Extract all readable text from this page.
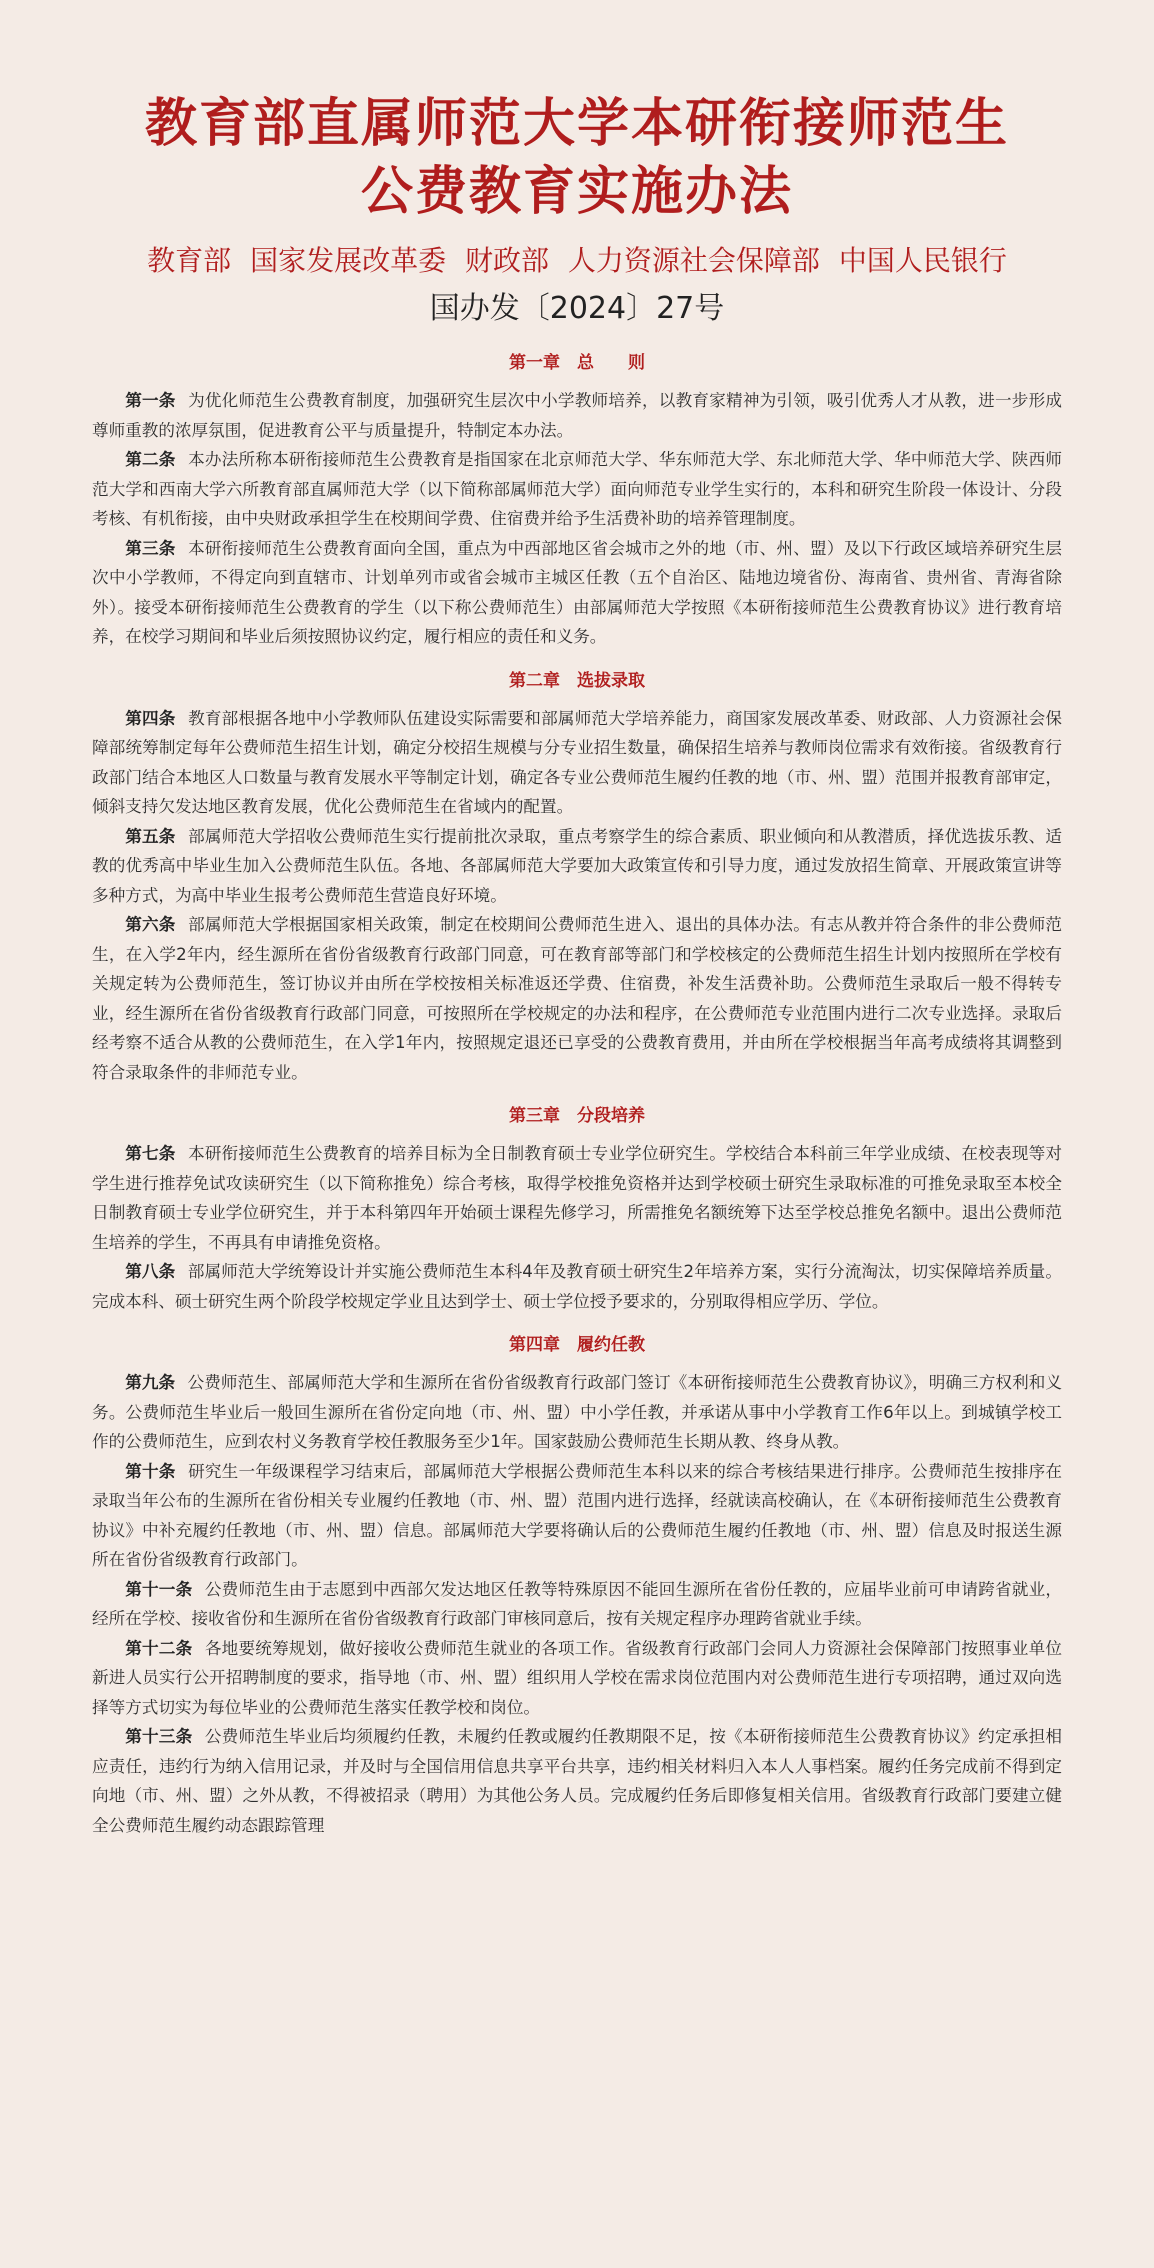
教育部直属师范大学本研衔接师范生
公费教育实施办法
教育部 国家发展改革委 财政部 人力资源社会保障部 中国人民银行
国办发〔2024〕27号
第一章　总　　则

第一条 为优化师范生公费教育制度，加强研究生层次中小学教师培养，以教育家精神为引领，吸引优秀人才从教，进一步形成尊师重教的浓厚氛围，促进教育公平与质量提升，特制定本办法。

第二条 本办法所称本研衔接师范生公费教育是指国家在北京师范大学、华东师范大学、东北师范大学、华中师范大学、陕西师范大学和西南大学六所教育部直属师范大学（以下简称部属师范大学）面向师范专业学生实行的，本科和研究生阶段一体设计、分段考核、有机衔接，由中央财政承担学生在校期间学费、住宿费并给予生活费补助的培养管理制度。

第三条 本研衔接师范生公费教育面向全国，重点为中西部地区省会城市之外的地（市、州、盟）及以下行政区域培养研究生层次中小学教师，不得定向到直辖市、计划单列市或省会城市主城区任教（五个自治区、陆地边境省份、海南省、贵州省、青海省除外）。接受本研衔接师范生公费教育的学生（以下称公费师范生）由部属师范大学按照《本研衔接师范生公费教育协议》进行教育培养，在校学习期间和毕业后须按照协议约定，履行相应的责任和义务。

第二章　选拔录取

第四条 教育部根据各地中小学教师队伍建设实际需要和部属师范大学培养能力，商国家发展改革委、财政部、人力资源社会保障部统筹制定每年公费师范生招生计划，确定分校招生规模与分专业招生数量，确保招生培养与教师岗位需求有效衔接。省级教育行政部门结合本地区人口数量与教育发展水平等制定计划，确定各专业公费师范生履约任教的地（市、州、盟）范围并报教育部审定，倾斜支持欠发达地区教育发展，优化公费师范生在省域内的配置。

第五条 部属师范大学招收公费师范生实行提前批次录取，重点考察学生的综合素质、职业倾向和从教潜质，择优选拔乐教、适教的优秀高中毕业生加入公费师范生队伍。各地、各部属师范大学要加大政策宣传和引导力度，通过发放招生简章、开展政策宣讲等多种方式，为高中毕业生报考公费师范生营造良好环境。

第六条 部属师范大学根据国家相关政策，制定在校期间公费师范生进入、退出的具体办法。有志从教并符合条件的非公费师范生，在入学2年内，经生源所在省份省级教育行政部门同意，可在教育部等部门和学校核定的公费师范生招生计划内按照所在学校有关规定转为公费师范生，签订协议并由所在学校按相关标准返还学费、住宿费，补发生活费补助。公费师范生录取后一般不得转专业，经生源所在省份省级教育行政部门同意，可按照所在学校规定的办法和程序，在公费师范专业范围内进行二次专业选择。录取后经考察不适合从教的公费师范生，在入学1年内，按照规定退还已享受的公费教育费用，并由所在学校根据当年高考成绩将其调整到符合录取条件的非师范专业。

第三章　分段培养

第七条 本研衔接师范生公费教育的培养目标为全日制教育硕士专业学位研究生。学校结合本科前三年学业成绩、在校表现等对学生进行推荐免试攻读研究生（以下简称推免）综合考核，取得学校推免资格并达到学校硕士研究生录取标准的可推免录取至本校全日制教育硕士专业学位研究生，并于本科第四年开始硕士课程先修学习，所需推免名额统筹下达至学校总推免名额中。退出公费师范生培养的学生，不再具有申请推免资格。

第八条 部属师范大学统筹设计并实施公费师范生本科4年及教育硕士研究生2年培养方案，实行分流淘汰，切实保障培养质量。完成本科、硕士研究生两个阶段学校规定学业且达到学士、硕士学位授予要求的，分别取得相应学历、学位。

第四章　履约任教

第九条 公费师范生、部属师范大学和生源所在省份省级教育行政部门签订《本研衔接师范生公费教育协议》，明确三方权利和义务。公费师范生毕业后一般回生源所在省份定向地（市、州、盟）中小学任教，并承诺从事中小学教育工作6年以上。到城镇学校工作的公费师范生，应到农村义务教育学校任教服务至少1年。国家鼓励公费师范生长期从教、终身从教。

第十条 研究生一年级课程学习结束后，部属师范大学根据公费师范生本科以来的综合考核结果进行排序。公费师范生按排序在录取当年公布的生源所在省份相关专业履约任教地（市、州、盟）范围内进行选择，经就读高校确认，在《本研衔接师范生公费教育协议》中补充履约任教地（市、州、盟）信息。部属师范大学要将确认后的公费师范生履约任教地（市、州、盟）信息及时报送生源所在省份省级教育行政部门。

第十一条 公费师范生由于志愿到中西部欠发达地区任教等特殊原因不能回生源所在省份任教的，应届毕业前可申请跨省就业，经所在学校、接收省份和生源所在省份省级教育行政部门审核同意后，按有关规定程序办理跨省就业手续。

第十二条 各地要统筹规划，做好接收公费师范生就业的各项工作。省级教育行政部门会同人力资源社会保障部门按照事业单位新进人员实行公开招聘制度的要求，指导地（市、州、盟）组织用人学校在需求岗位范围内对公费师范生进行专项招聘，通过双向选择等方式切实为每位毕业的公费师范生落实任教学校和岗位。

第十三条 公费师范生毕业后均须履约任教，未履约任教或履约任教期限不足，按《本研衔接师范生公费教育协议》约定承担相应责任，违约行为纳入信用记录，并及时与全国信用信息共享平台共享，违约相关材料归入本人人事档案。履约任务完成前不得到定向地（市、州、盟）之外从教，不得被招录（聘用）为其他公务人员。完成履约任务后即修复相关信用。省级教育行政部门要建立健全公费师范生履约动态跟踪管理
